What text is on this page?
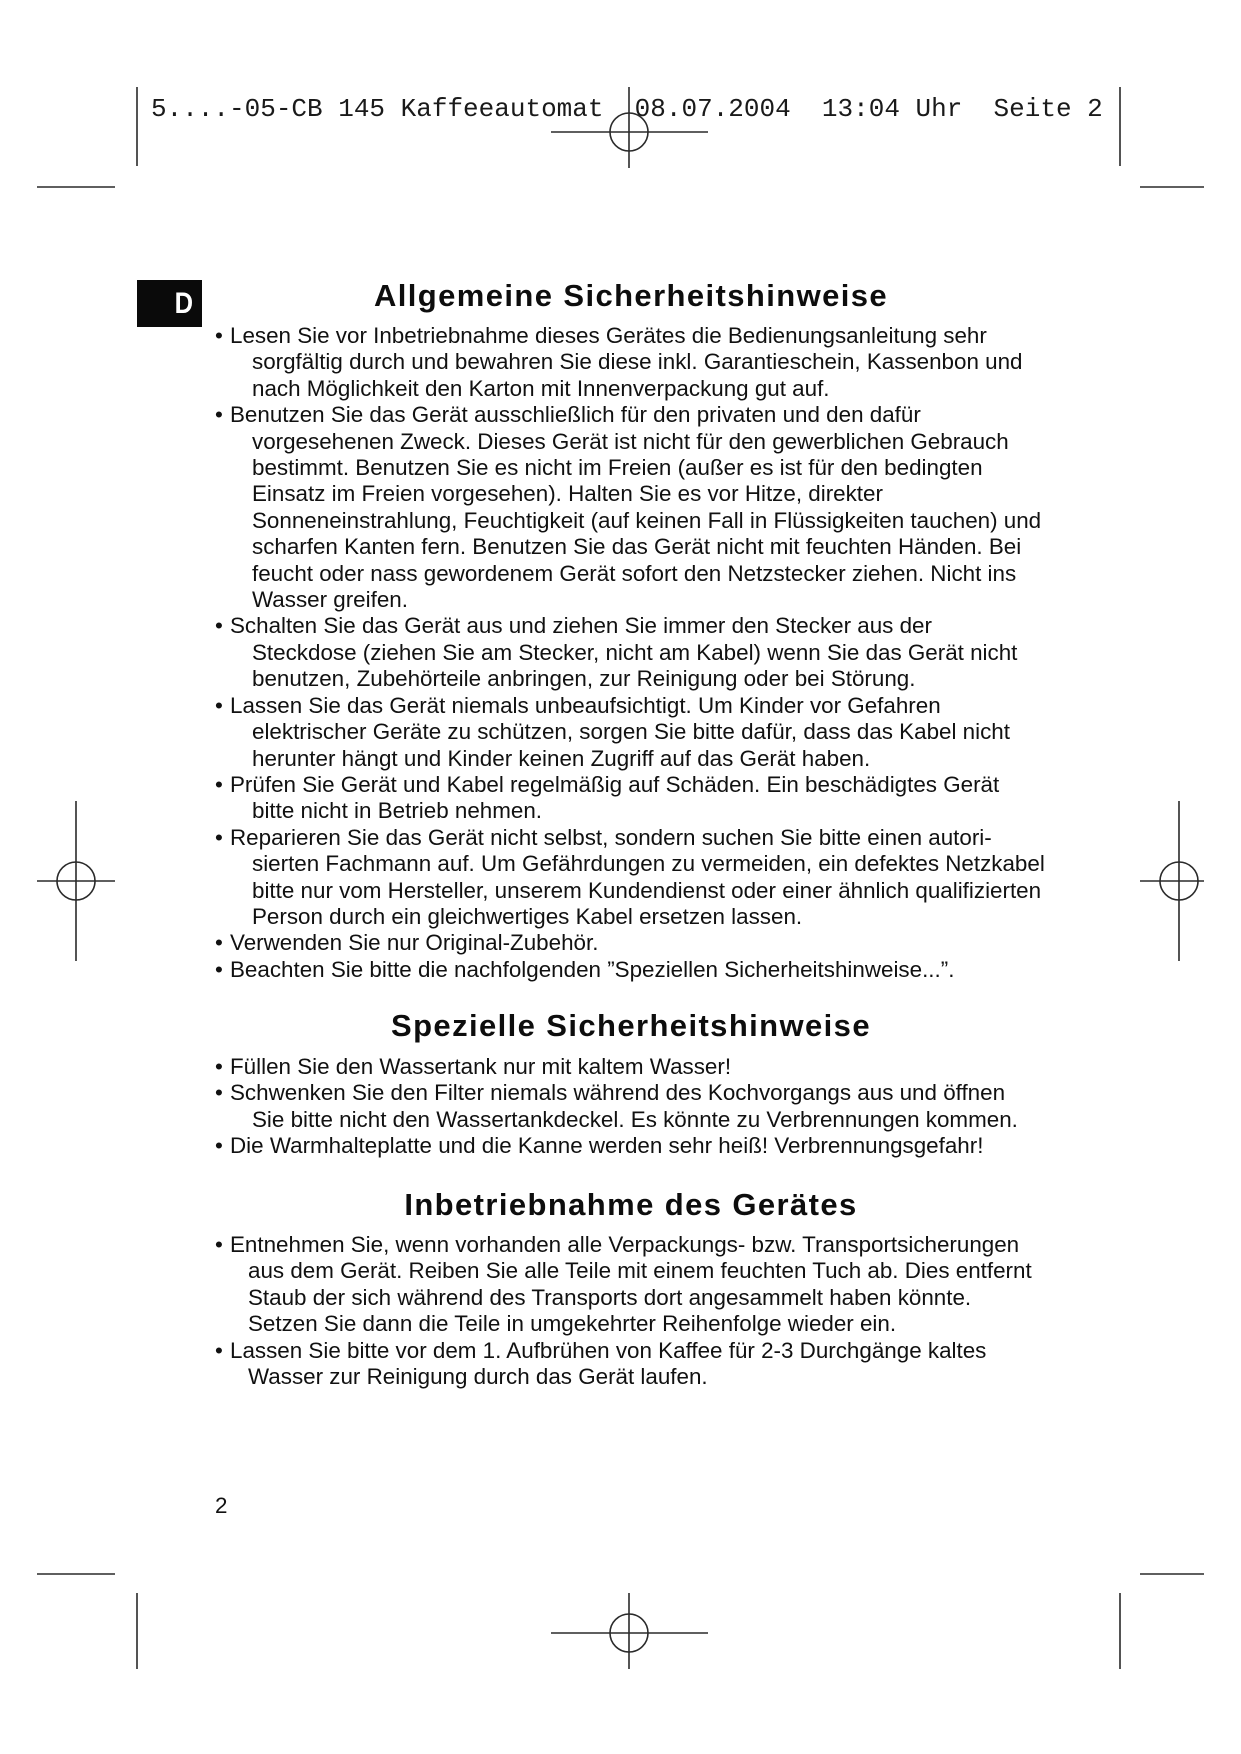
5....-05-CB 145 Kaffeeautomat  08.07.2004  13:04 Uhr  Seite 2
D	Allgemeine Sicherheitshinweise
• Lesen Sie vor Inbetriebnahme dieses Gerätes die Bedienungsanleitung sehr
sorgfältig durch und bewahren Sie diese inkl. Garantieschein, Kassenbon und
nach Möglichkeit den Karton mit Innenverpackung gut auf.
• Benutzen Sie das Gerät ausschließlich für den privaten und den dafür
vorgesehenen Zweck. Dieses Gerät ist nicht für den gewerblichen Gebrauch
bestimmt. Benutzen Sie es nicht im Freien (außer es ist für den bedingten
Einsatz im Freien vorgesehen). Halten Sie es vor Hitze, direkter
Sonneneinstrahlung, Feuchtigkeit (auf keinen Fall in Flüssigkeiten tauchen) und
scharfen Kanten fern. Benutzen Sie das Gerät nicht mit feuchten Händen. Bei
feucht oder nass gewordenem Gerät sofort den Netzstecker ziehen. Nicht ins
Wasser greifen.
• Schalten Sie das Gerät aus und ziehen Sie immer den Stecker aus der
Steckdose (ziehen Sie am Stecker, nicht am Kabel) wenn Sie das Gerät nicht
benutzen, Zubehörteile anbringen, zur Reinigung oder bei Störung.
• Lassen Sie das Gerät niemals unbeaufsichtigt. Um Kinder vor Gefahren
elektrischer Geräte zu schützen, sorgen Sie bitte dafür, dass das Kabel nicht
herunter hängt und Kinder keinen Zugriff auf das Gerät haben.
• Prüfen Sie Gerät und Kabel regelmäßig auf Schäden. Ein beschädigtes Gerät
bitte nicht in Betrieb nehmen.
• Reparieren Sie das Gerät nicht selbst, sondern suchen Sie bitte einen autori-
sierten Fachmann auf. Um Gefährdungen zu vermeiden, ein defektes Netzkabel
bitte nur vom Hersteller, unserem Kundendienst oder einer ähnlich qualifizierten
Person durch ein gleichwertiges Kabel ersetzen lassen.
• Verwenden Sie nur Original-Zubehör.
• Beachten Sie bitte die nachfolgenden ”Speziellen Sicherheitshinweise...”.
Spezielle Sicherheitshinweise
• Füllen Sie den Wassertank nur mit kaltem Wasser!
• Schwenken Sie den Filter niemals während des Kochvorgangs aus und öffnen
Sie bitte nicht den Wassertankdeckel. Es könnte zu Verbrennungen kommen.
• Die Warmhalteplatte und die Kanne werden sehr heiß! Verbrennungsgefahr!
Inbetriebnahme des Gerätes
• Entnehmen Sie, wenn vorhanden alle Verpackungs- bzw. Transportsicherungen
aus dem Gerät. Reiben Sie alle Teile mit einem feuchten Tuch ab. Dies entfernt
Staub der sich während des Transports dort angesammelt haben könnte.
Setzen Sie dann die Teile in umgekehrter Reihenfolge wieder ein.
• Lassen Sie bitte vor dem 1. Aufbrühen von Kaffee für 2-3 Durchgänge kaltes
Wasser zur Reinigung durch das Gerät laufen.
2
